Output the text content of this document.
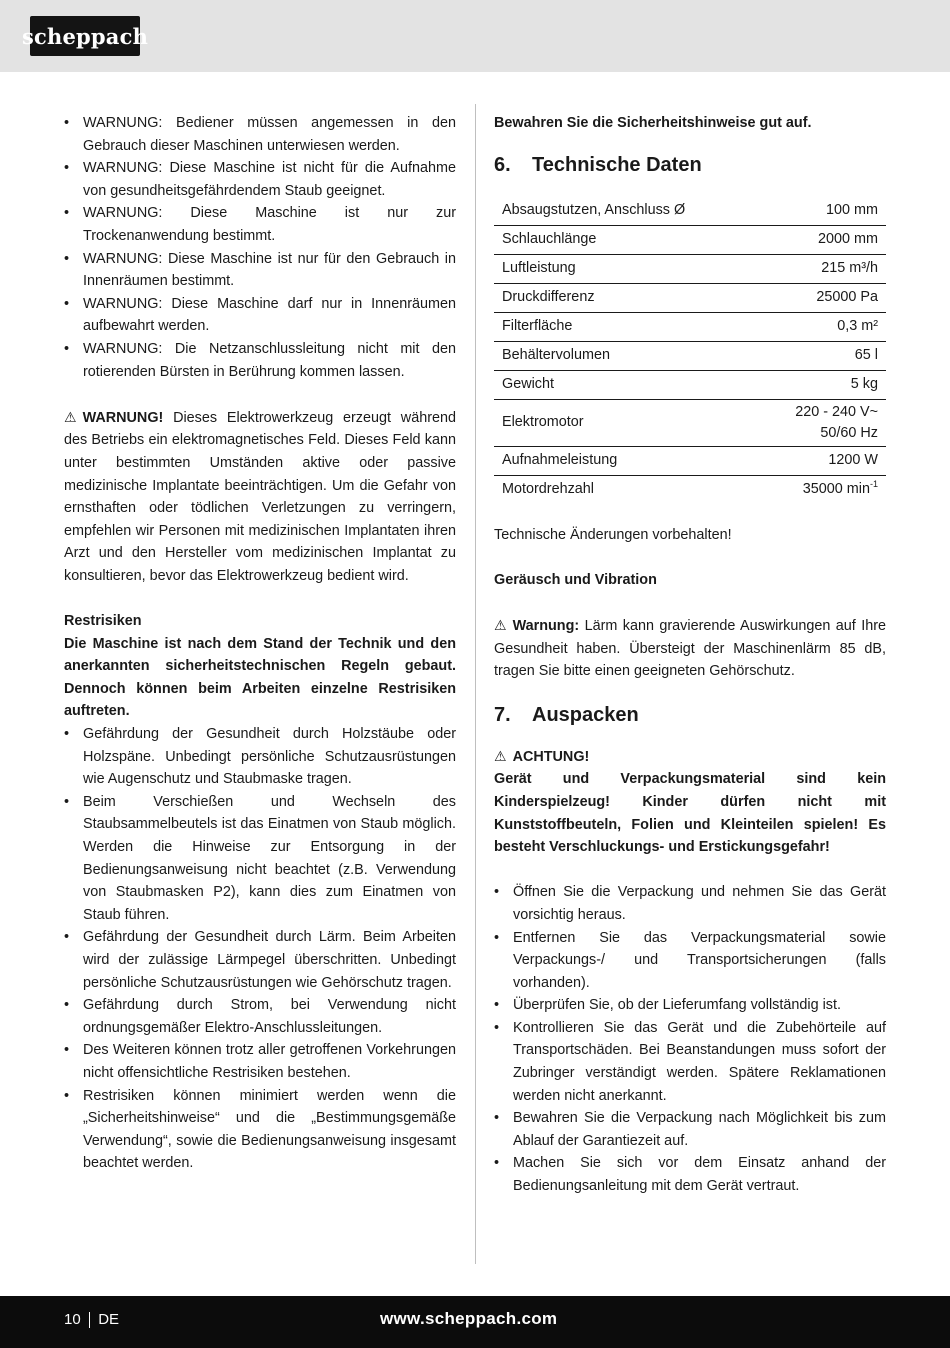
scheppach
• WARNUNG: Bediener müssen angemessen in den Gebrauch dieser Maschinen unterwiesen werden.
• WARNUNG: Diese Maschine ist nicht für die Aufnahme von gesundheitsgefährdendem Staub geeignet.
• WARNUNG: Diese Maschine ist nur zur Trockenanwendung bestimmt.
• WARNUNG: Diese Maschine ist nur für den Gebrauch in Innenräumen bestimmt.
• WARNUNG: Diese Maschine darf nur in Innenräumen aufbewahrt werden.
• WARNUNG: Die Netzanschlussleitung nicht mit den rotierenden Bürsten in Berührung kommen lassen.

⚠ WARNUNG! Dieses Elektrowerkzeug erzeugt während des Betriebs ein elektromagnetisches Feld. Dieses Feld kann unter bestimmten Umständen aktive oder passive medizinische Implantate beeinträchtigen. Um die Gefahr von ernsthaften oder tödlichen Verletzungen zu verringern, empfehlen wir Personen mit medizinischen Implantaten ihren Arzt und den Hersteller vom medizinischen Implantat zu konsultieren, bevor das Elektrowerkzeug bedient wird.

Restrisiken

Die Maschine ist nach dem Stand der Technik und den anerkannten sicherheitstechnischen Regeln gebaut. Dennoch können beim Arbeiten einzelne Restrisiken auftreten.

• Gefährdung der Gesundheit durch Holzstäube oder Holzspäne. Unbedingt persönliche Schutzausrüstungen wie Augenschutz und Staubmaske tragen.
• Beim Verschießen und Wechseln des Staubsammelbeutels ist das Einatmen von Staub möglich. Werden die Hinweise zur Entsorgung in der Bedienungsanweisung nicht beachtet (z.B. Verwendung von Staubmasken P2), kann dies zum Einatmen von Staub führen.
• Gefährdung der Gesundheit durch Lärm. Beim Arbeiten wird der zulässige Lärmpegel überschritten. Unbedingt persönliche Schutzausrüstungen wie Gehörschutz tragen.
• Gefährdung durch Strom, bei Verwendung nicht ordnungsgemäßer Elektro-Anschlussleitungen.
• Des Weiteren können trotz aller getroffenen Vorkehrungen nicht offensichtliche Restrisiken bestehen.
• Restrisiken können minimiert werden wenn die „Sicherheitshinweise“ und die „Bestimmungsgemäße Verwendung“, sowie die Bedienungsanweisung insgesamt beachtet werden.

Bewahren Sie die Sicherheitshinweise gut auf.

6. Technische Daten
Absaugstutzen, Anschluss Ø	100 mm
Schlauchlänge	2000 mm
Luftleistung	215 m³/h
Druckdifferenz	25000 Pa
Filterfläche	0,3 m²
Behältervolumen	65 l
Gewicht	5 kg
Elektromotor	220 - 240 V~
50/60 Hz
Aufnahmeleistung	1200 W
Motordrehzahl	35000 $\min^{-1}$

Technische Änderungen vorbehalten!

Geräusch und Vibration

⚠ Warnung: Lärm kann gravierende Auswirkungen auf Ihre Gesundheit haben. Übersteigt der Maschinenlärm 85 dB, tragen Sie bitte einen geeigneten Gehörschutz.

7. Auspacken

⚠ ACHTUNG!

Gerät und Verpackungsmaterial sind kein Kinderspielzeug! Kinder dürfen nicht mit Kunststoffbeuteln, Folien und Kleinteilen spielen! Es besteht Verschluckungs- und Erstickungsgefahr!

• Öffnen Sie die Verpackung und nehmen Sie das Gerät vorsichtig heraus.
• Entfernen Sie das Verpackungsmaterial sowie Verpackungs-/ und Transportsicherungen (falls vorhanden).
• Überprüfen Sie, ob der Lieferumfang vollständig ist.
• Kontrollieren Sie das Gerät und die Zubehörteile auf Transportschäden. Bei Beanstandungen muss sofort der Zubringer verständigt werden. Spätere Reklamationen werden nicht anerkannt.
• Bewahren Sie die Verpackung nach Möglichkeit bis zum Ablauf der Garantiezeit auf.
• Machen Sie sich vor dem Einsatz anhand der Bedienungsanleitung mit dem Gerät vertraut.
10 DE	www.scheppach.com
